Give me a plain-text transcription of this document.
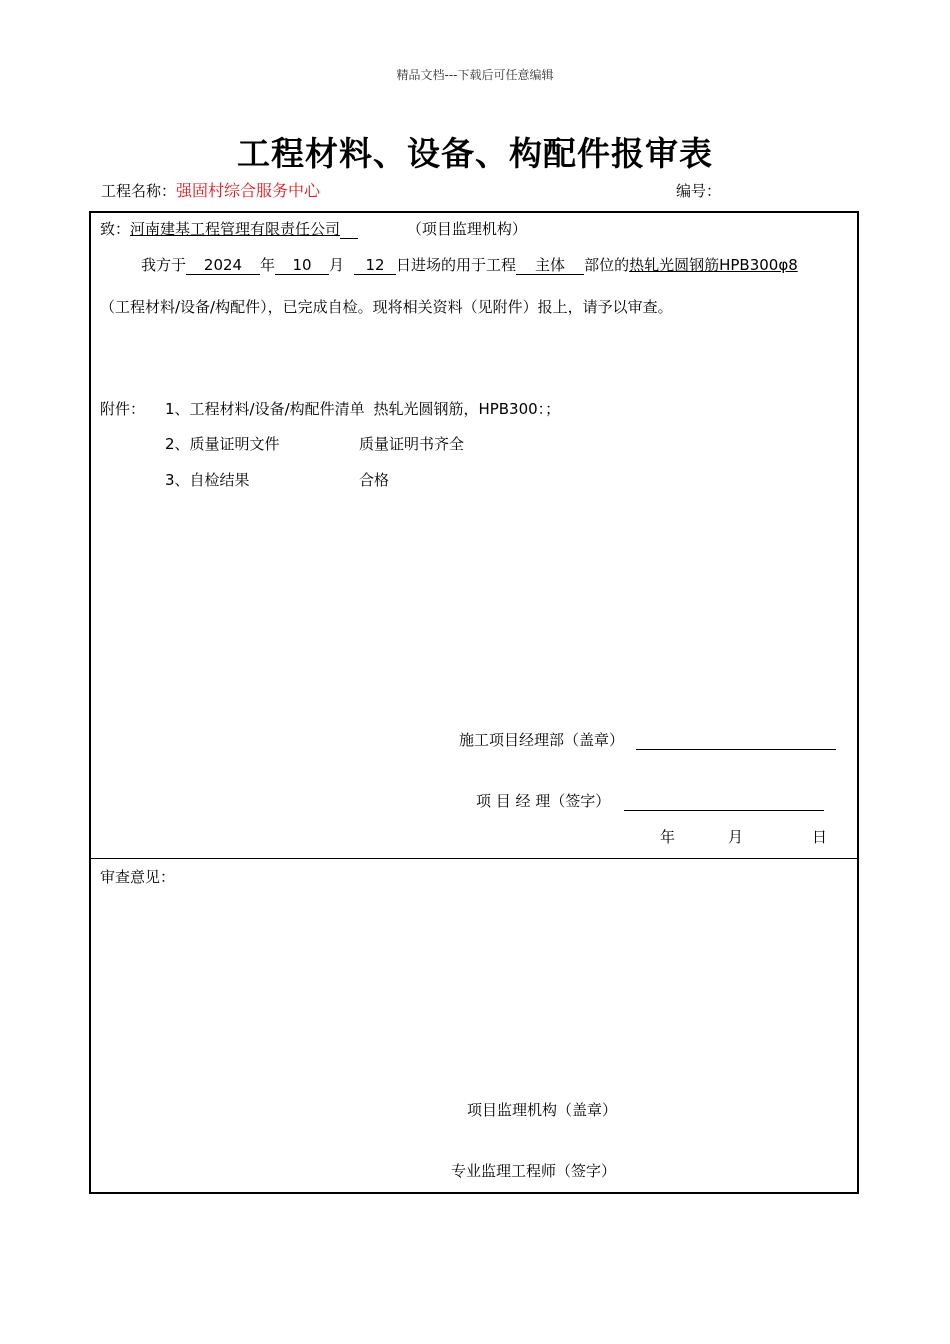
精品文档---下载后可任意编辑
工程材料、设备、构配件报审表
工程名称：强固村综合服务中心	编号：
致：河南建基工程管理有限责任公司	（项目监理机构）
我方于 2024 年 10 月 12 日进场的用于工程 主体 部位的热轧光圆钢筋HPB300φ8
（工程材料/设备/构配件），已完成自检。现将相关资料（见附件）报上，请予以审查。
附件： 1、工程材料/设备/构配件清单 热轧光圆钢筋，HPB300：；
2、质量证明文件	质量证明书齐全
3、自检结果	合格
施工项目经理部（盖章）
项 目 经 理（签字）
年	月	日
审查意见：
项目监理机构（盖章）
专业监理工程师（签字）
